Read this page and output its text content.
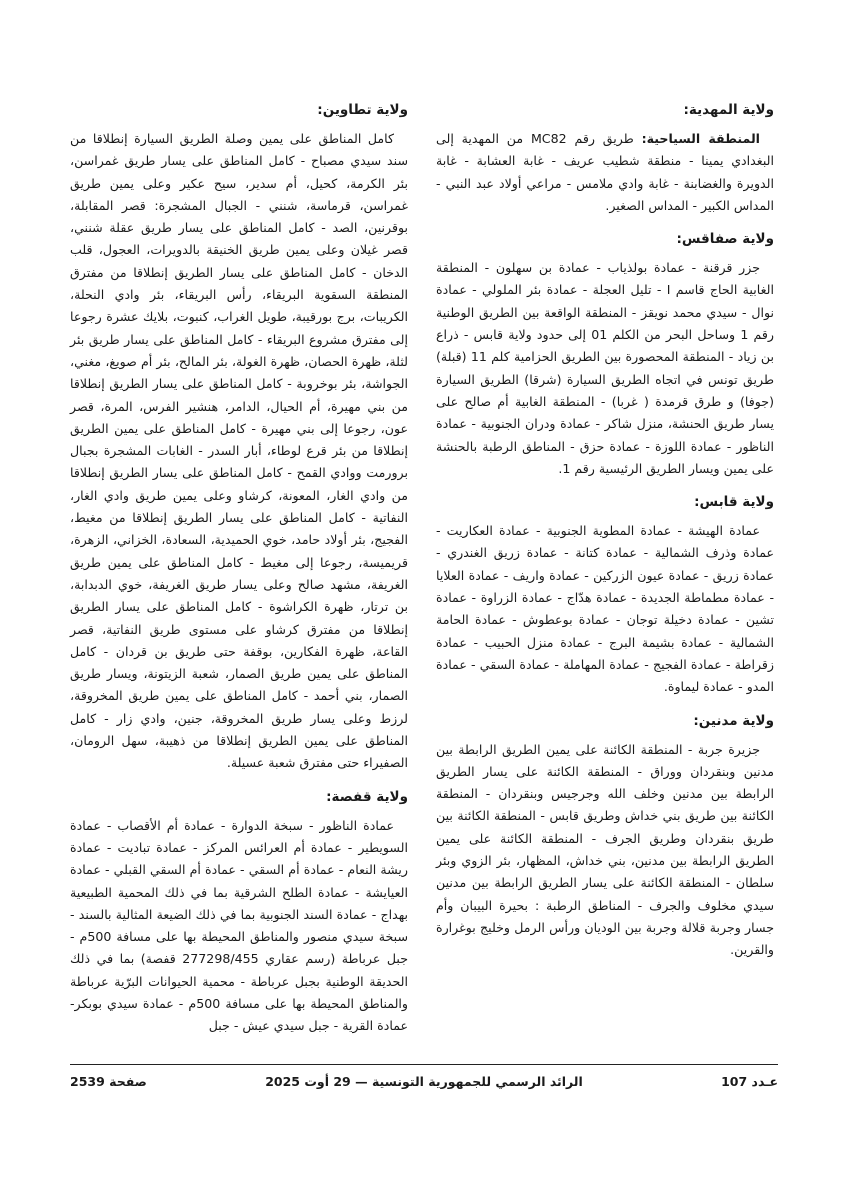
ولاية المهدية:

المنطقة السياحية: طريق رقم MC82 من المهدية إلى البغدادي يمينا - منطقة شطيب عريف - غابة العشابة - غابة الدويرة والغضابنة - غابة وادي ملامس - مراعي أولاد عبد النبي - المداس الكبير - المداس الصغير.

ولاية صفاقس:

جزر قرقنة - عمادة بولذياب - عمادة بن سهلون - المنطقة الغابية الحاج قاسم I - تليل العجلة - عمادة بئر الملولي - عمادة نوال - سيدي محمد نويقز - المنطقة الواقعة بين الطريق الوطنية رقم 1 وساحل البحر من الكلم 01 إلى حدود ولاية قابس - ذراع بن زياد - المنطقة المحصورة بين الطريق الحزامية كلم 11 (قبلة) طريق تونس في اتجاه الطريق السيارة (شرقا) الطريق السيارة (جوفا) و طرق قرمدة ( غربا) - المنطقة الغابية أم صالح على يسار طريق الحنشة، منزل شاكر - عمادة ودران الجنوبية - عمادة الناظور - عمادة اللوزة - عمادة حزق - المناطق الرطبة بالحنشة على يمين ويسار الطريق الرئيسية رقم 1.

ولاية قابس:

عمادة الهيشة - عمادة المطوية الجنوبية - عمادة العكاريت - عمادة وذرف الشمالية - عمادة كتانة - عمادة زريق الغندري - عمادة زريق - عمادة عيون الزركين - عمادة واريف - عمادة العلايا - عمادة مطماطة الجديدة - عمادة هدّاج - عمادة الزراوة - عمادة تشين - عمادة دخيلة توجان - عمادة بوعطوش - عمادة الحامة الشمالية - عمادة بشيمة البرج - عمادة منزل الحبيب - عمادة زقراطة - عمادة الفجيج - عمادة المهاملة - عمادة السقي - عمادة المدو - عمادة ليماوة.

ولاية مدنين:

جزيرة جربة - المنطقة الكائنة على يمين الطريق الرابطة بين مدنين وبنقردان ووراق - المنطقة الكائنة على يسار الطريق الرابطة بين مدنين وخلف الله وجرجيس وبنقردان - المنطقة الكائنة بين طريق بني خداش وطريق قابس - المنطقة الكائنة بين طريق بنقردان وطريق الجرف - المنطقة الكائنة على يمين الطريق الرابطة بين مدنين، بني خداش، المظهار، بئر الزوي وبئر سلطان - المنطقة الكائنة على يسار الطريق الرابطة بين مدنين سيدي مخلوف والجرف - المناطق الرطبة : بحيرة البيبان وأم جسار وجربة قلالة وجربة بين الوديان ورأس الرمل وخليج بوغرارة والقرين.

ولاية تطاوين:

كامل المناطق على يمين وصلة الطريق السيارة إنطلاقا من سند سيدي مصباح - كامل المناطق على يسار طريق غمراسن، بئر الكرمة، كحيل، أم سدير، سيح عكير وعلى يمين طريق غمراسن، قرماسة، شنني - الجبال المشجرة: قصر المقابلة، بوقرنين، الصد - كامل المناطق على يسار طريق عقلة شنني، قصر غيلان وعلى يمين طريق الخنيقة بالدويرات، العجول، قلب الدخان - كامل المناطق على يسار الطريق إنطلاقا من مفترق المنطقة السقوية البريقاء، رأس البريقاء، بئر وادي النحلة، الكريبات، برج بورقيبة، طويل الغراب، كنبوت، بلايك عشرة رجوعا إلى مفترق مشروع البريقاء - كامل المناطق على يسار طريق بئر لثلة، ظهرة الحصان، ظهرة الغولة، بئر المالح، بئر أم صويغ، مغني، الجواشة، بئر بوخروبة - كامل المناطق على يسار الطريق إنطلاقا من بني مهيرة، أم الحيال، الدامر، هنشير الفرس، المرة، قصر عون، رجوعا إلى بني مهيرة - كامل المناطق على يمين الطريق إنطلاقا من بئر قرع لوطاء، أبار السدر - الغابات المشجرة بجبال برورمت ووادي القمح - كامل المناطق على يسار الطريق إنطلاقا من وادي الغار، المعونة، كرشاو وعلى يمين طريق وادي الغار، النفاتية - كامل المناطق على يسار الطريق إنطلاقا من مغيط، الفجيج، بئر أولاد حامد، خوي الحميدية، السعادة، الخزاني، الزهرة، قريميسة، رجوعا إلى مغيط - كامل المناطق على يمين طريق الغريفة، مشهد صالح وعلى يسار طريق الغريفة، خوي الدبدابة، بن ترتار، ظهرة الكراشوة - كامل المناطق على يسار الطريق إنطلاقا من مفترق كرشاو على مستوى طريق النفاتية، قصر القاعة، ظهرة الفكارين، بوقفة حتى طريق بن قردان - كامل المناطق على يمين طريق الصمار، شعبة الزيتونة، ويسار طريق الصمار، بني أحمد - كامل المناطق على يمين طريق المخروقة، لرزط وعلى يسار طريق المخروقة، جنين، وادي زار - كامل المناطق على يمين الطريق إنطلاقا من ذهيبة، سهل الرومان، الصفيراء حتى مفترق شعبة عسيلة.

ولاية قفصة:

عمادة الناظور - سبخة الدوارة - عمادة أم الأقصاب - عمادة السويطير - عمادة أم العرائس المركز - عمادة تباديت - عمادة ريشة النعام - عمادة أم السقي - عمادة أم السقي القبلي - عمادة العيايشة - عمادة الطلح الشرقية بما في ذلك المحمية الطبيعية بهداج - عمادة السند الجنوبية بما في ذلك الضيعة المثالية بالسند - سبخة سيدي منصور والمناطق المحيطة بها على مسافة 500م - جبل عرباطة (رسم عقاري 277298/455 قفصة) بما في ذلك الحديقة الوطنية بجبل عرباطة - محمية الحيوانات البرّية عرباطة والمناطق المحيطة بها على مسافة 500م - عمادة سيدي بوبكر- عمادة القرية - جبل سيدي عيش - جبل

عـدد 107
الرائد الرسمي للجمهورية التونسية — 29 أوت 2025
صفحة 2539
